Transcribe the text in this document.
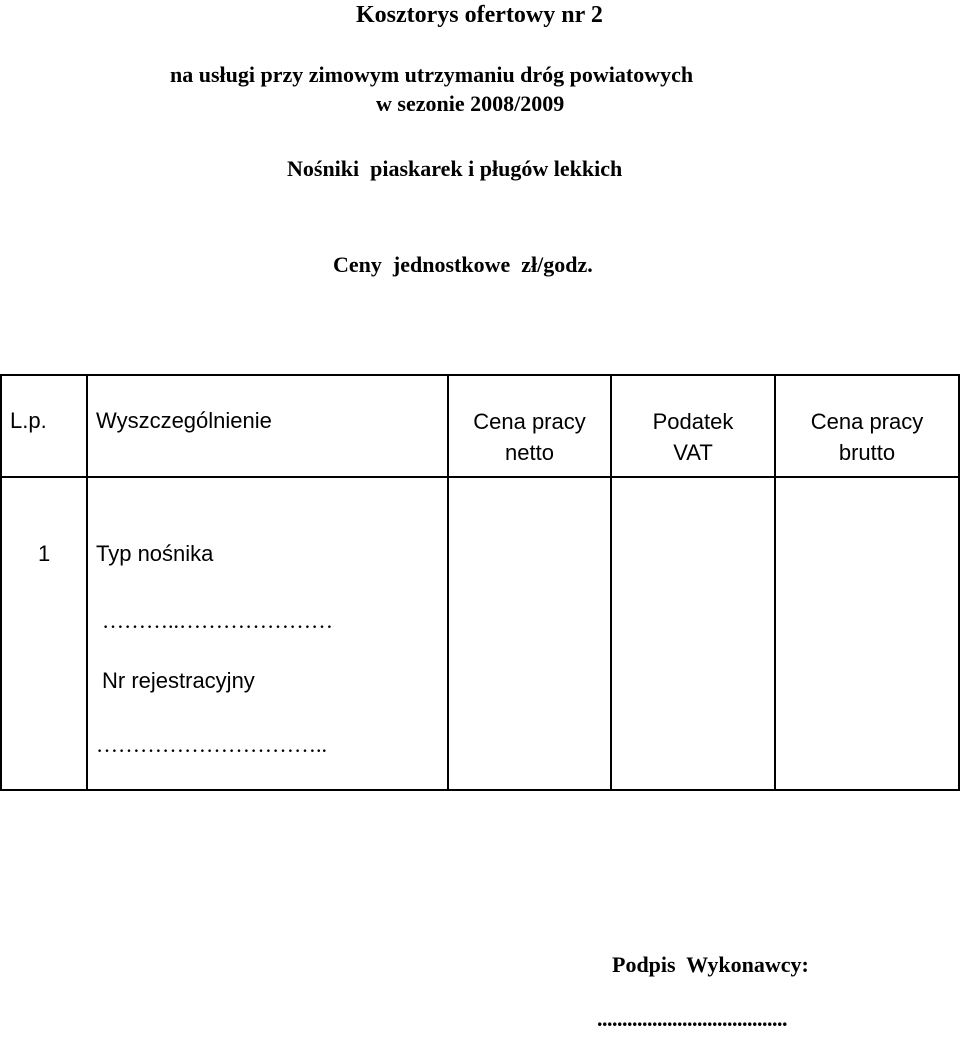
Kosztorys ofertowy nr 2
na usługi przy zimowym utrzymaniu dróg powiatowych
w sezonie 2008/2009
Nośniki  piaskarek i pługów lekkich
Ceny  jednostkowe  zł/godz.
L.p. Wyszczególnienie	Cena pracy
netto
Podatek
VAT
Cena pracy
brutto
1 Typ nośnika
………..…………………
Nr rejestracyjny
…………………………..
Podpis  Wykonawcy:
......................................
